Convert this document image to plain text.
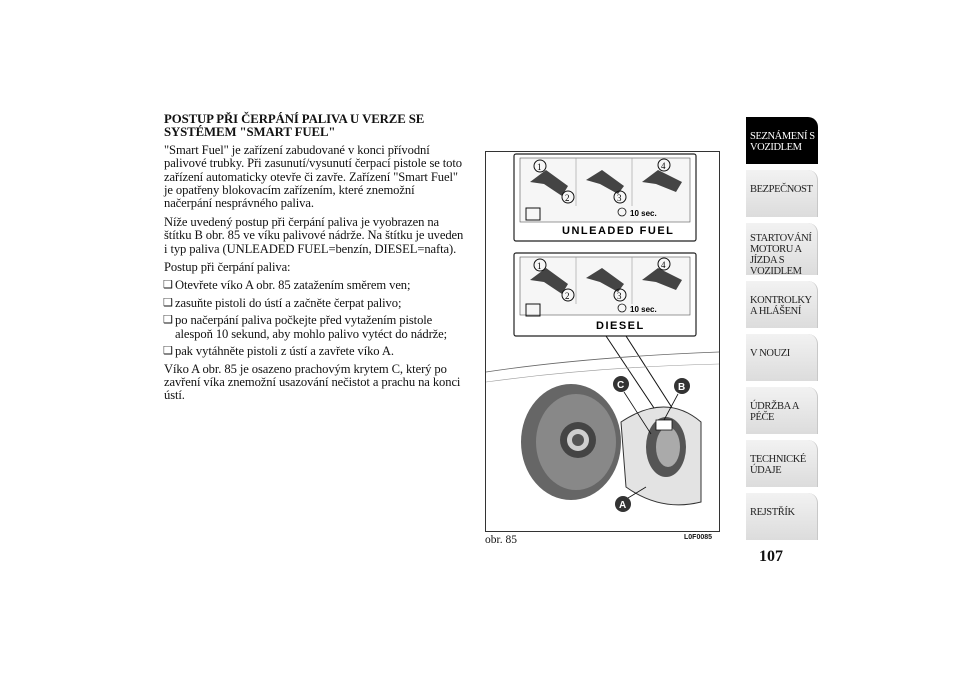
POSTUP PŘI ČERPÁNÍ PALIVA U VERZE SE SYSTÉMEM "SMART FUEL"

"Smart Fuel" je zařízení zabudované v konci přívodní palivové trubky. Při zasunutí/vysunutí čerpací pistole se toto zařízení automaticky otevře či zavře. Zařízení "Smart Fuel" je opatřeny blokovacím zařízením, které znemožní načerpání nesprávného paliva.

Níže uvedený postup při čerpání paliva je vyobrazen na štítku B obr. 85 ve víku palivové nádrže. Na štítku je uveden i typ paliva (UNLEADED FUEL=benzín, DIESEL=nafta).

Postup při čerpání paliva:

❑ Otevřete víko A obr. 85 zatažením směrem ven;

❑ zasuňte pistoli do ústí a začněte čerpat palivo;

❑ po načerpání paliva počkejte před vytažením pistole alespoň 10 sekund, aby mohlo palivo vytéct do nádrže;

❑ pak vytáhněte pistoli z ústí a zavřete víko A.

Víko A obr. 85 je osazeno prachovým krytem C, který po zavření víka znemožní usazování nečistot a prachu na konci ústí.

1
2	3
4
10 sec.
UNLEADED FUEL
1
2	3
4
10 sec.
DIESEL
C	B
A
obr. 85	L0F0085
SEZNÁMENÍ S VOZIDLEM
BEZPEČNOST
STARTOVÁNÍ MOTORU A JÍZDA S VOZIDLEM
KONTROLKY A HLÁŠENÍ
V NOUZI
ÚDRŽBA A PÉČE
TECHNICKÉ ÚDAJE
REJSTŘÍK
107
